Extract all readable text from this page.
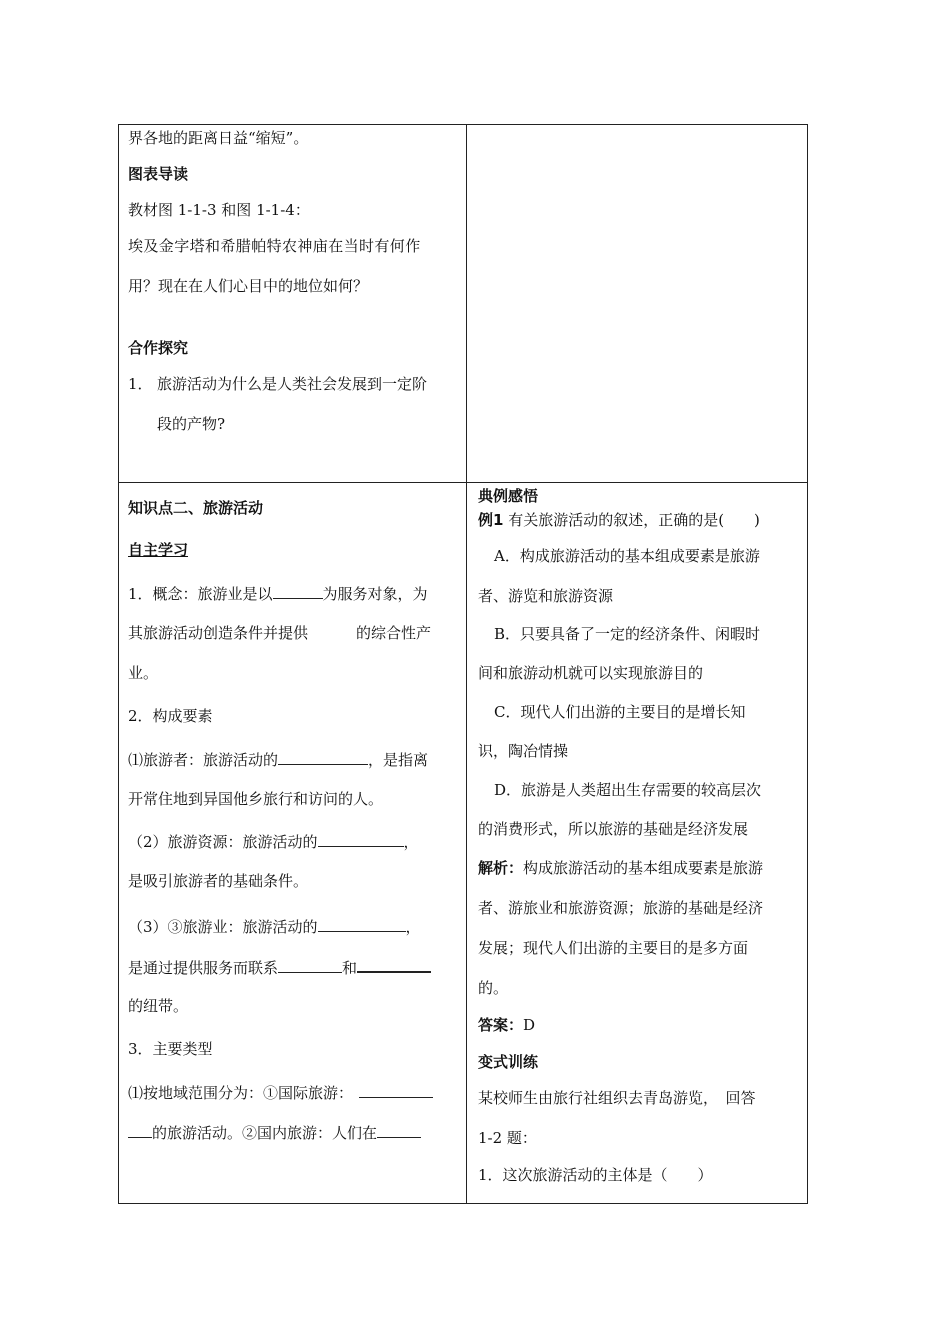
界各地的距离日益“缩短”。
图表导读
教材图 1-1-3 和图 1-1-4：
埃及金字塔和希腊帕特农神庙在当时有何作
用？现在在人们心目中的地位如何？
合作探究
1． 旅游活动为什么是人类社会发展到一定阶
段的产物?
知识点二、旅游活动
自主学习
1．概念：旅游业是以	为服务对象，为
其旅游活动创造条件并提供	的综合性产
业。
2．构成要素
⑴旅游者：旅游活动的	，是指离
开常住地到异国他乡旅行和访问的人。
（2）旅游资源：旅游活动的	，
是吸引旅游者的基础条件。
（3）③旅游业：旅游活动的	，
是通过提供服务而联系	和
的纽带。
3．主要类型
⑴按地域范围分为：①国际旅游：
的旅游活动。②国内旅游：人们在
典例感悟
例1 有关旅游活动的叙述，正确的是(　　)
A．构成旅游活动的基本组成要素是旅游
者、游览和旅游资源
B．只要具备了一定的经济条件、闲暇时
间和旅游动机就可以实现旅游目的
C．现代人们出游的主要目的是增长知
识，陶冶情操
D．旅游是人类超出生存需要的较高层次
的消费形式，所以旅游的基础是经济发展
解析：构成旅游活动的基本组成要素是旅游
者、游旅业和旅游资源；旅游的基础是经济
发展；现代人们出游的主要目的是多方面
的。
答案：D
变式训练
某校师生由旅行社组织去青岛游览，　回答
1-2 题：
1．这次旅游活动的主体是（　　）
